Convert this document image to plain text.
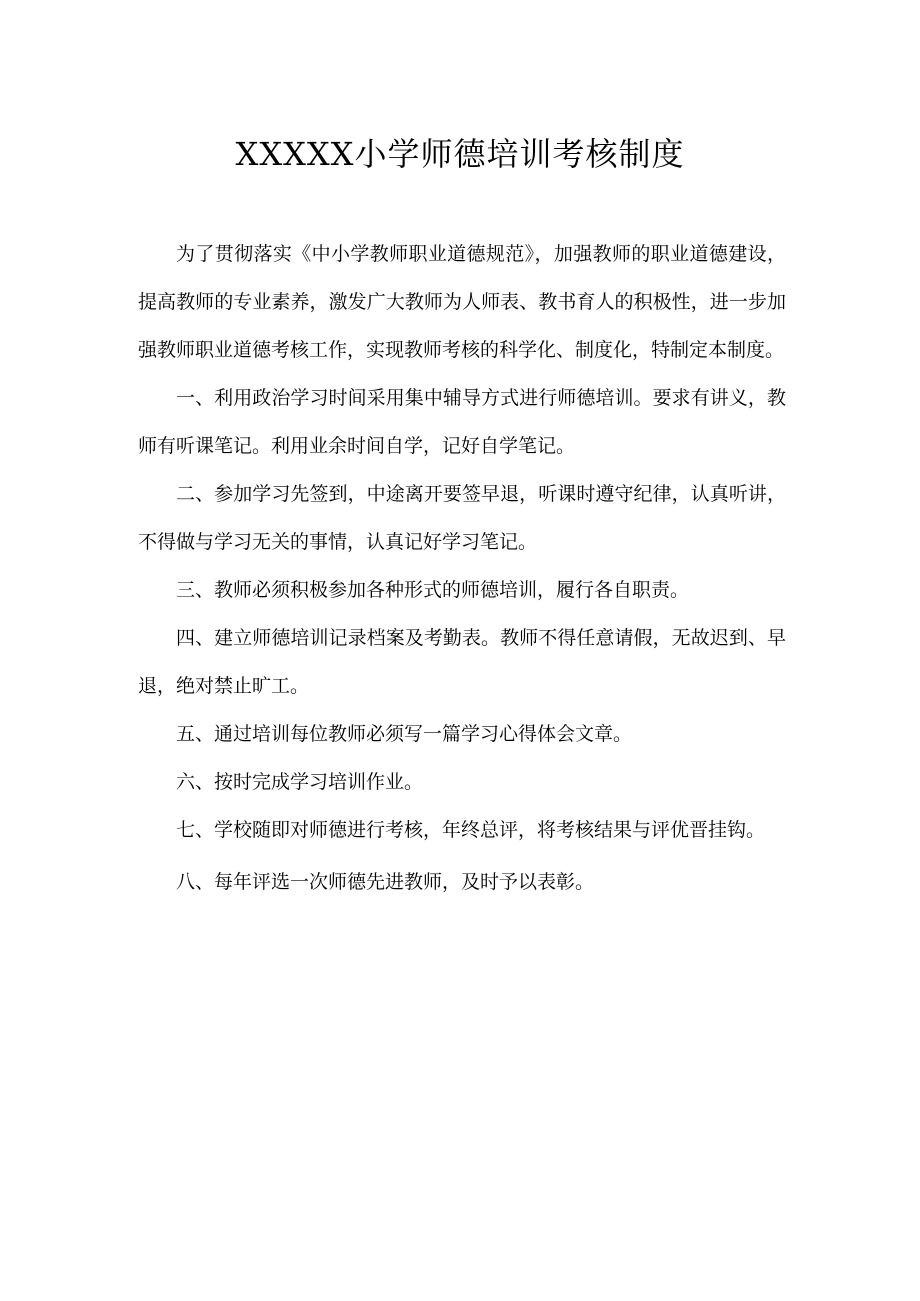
XXXXX小学师德培训考核制度

为了贯彻落实《中小学教师职业道德规范》，加强教师的职业道德建设，提高教师的专业素养，激发广大教师为人师表、教书育人的积极性，进一步加强教师职业道德考核工作，实现教师考核的科学化、制度化，特制定本制度。

一、利用政治学习时间采用集中辅导方式进行师德培训。要求有讲义，教师有听课笔记。利用业余时间自学，记好自学笔记。

二、参加学习先签到，中途离开要签早退，听课时遵守纪律，认真听讲，不得做与学习无关的事情，认真记好学习笔记。

三、教师必须积极参加各种形式的师德培训，履行各自职责。

四、建立师德培训记录档案及考勤表。教师不得任意请假，无故迟到、早退，绝对禁止旷工。

五、通过培训每位教师必须写一篇学习心得体会文章。

六、按时完成学习培训作业。

七、学校随即对师德进行考核，年终总评，将考核结果与评优晋挂钩。

八、每年评选一次师德先进教师，及时予以表彰。
